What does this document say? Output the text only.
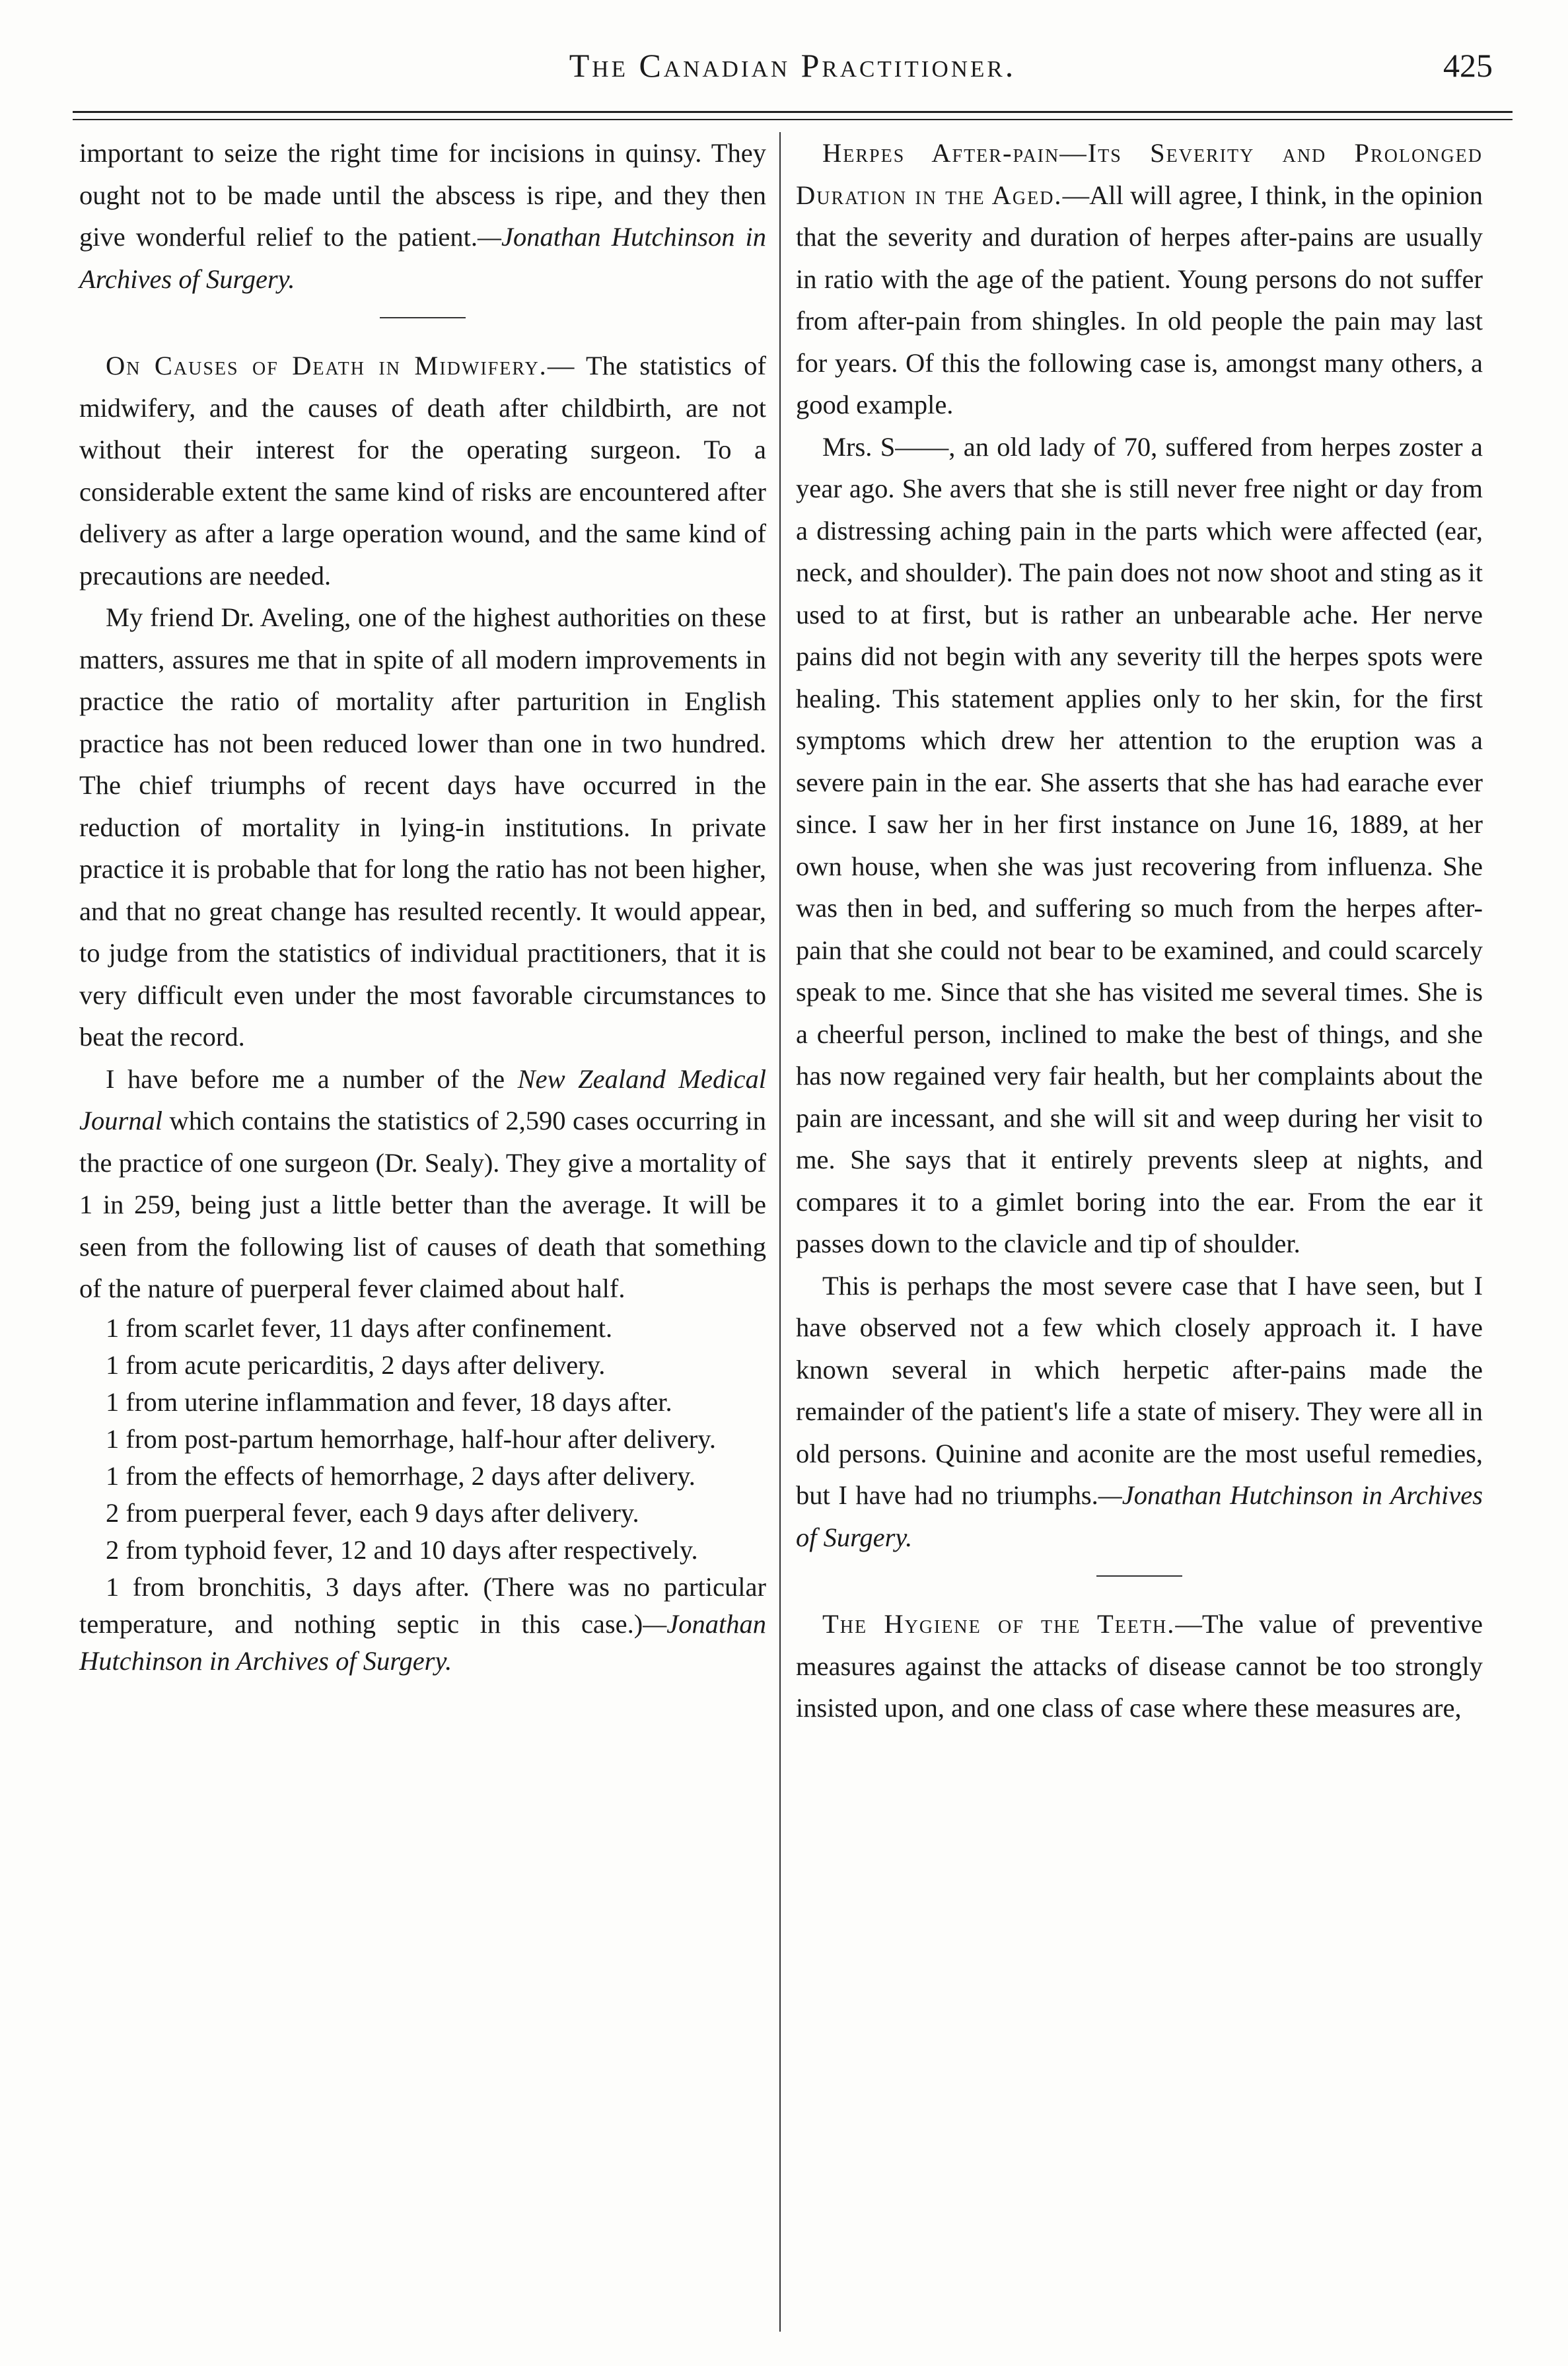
The Canadian Practitioner.	425

important to seize the right time for incisions in quinsy. They ought not to be made until the abscess is ripe, and they then give wonderful relief to the patient.—Jonathan Hutchinson in Archives of Surgery.

On Causes of Death in Midwifery.— The statistics of midwifery, and the causes of death after childbirth, are not without their interest for the operating surgeon. To a considerable extent the same kind of risks are encountered after delivery as after a large operation wound, and the same kind of precautions are needed.

My friend Dr. Aveling, one of the highest authorities on these matters, assures me that in spite of all modern improvements in practice the ratio of mortality after parturition in English practice has not been reduced lower than one in two hundred. The chief triumphs of recent days have occurred in the reduction of mortality in lying-in institutions. In private practice it is probable that for long the ratio has not been higher, and that no great change has resulted recently. It would appear, to judge from the statistics of individual practitioners, that it is very difficult even under the most favorable circumstances to beat the record.

I have before me a number of the New Zealand Medical Journal which contains the statistics of 2,590 cases occurring in the practice of one surgeon (Dr. Sealy). They give a mortality of 1 in 259, being just a little better than the average. It will be seen from the following list of causes of death that something of the nature of puerperal fever claimed about half.

1 from scarlet fever, 11 days after confinement.

1 from acute pericarditis, 2 days after delivery.

1 from uterine inflammation and fever, 18 days after.

1 from post-partum hemorrhage, half-hour after delivery.

1 from the effects of hemorrhage, 2 days after delivery.

2 from puerperal fever, each 9 days after delivery.

2 from typhoid fever, 12 and 10 days after respectively.

1 from bronchitis, 3 days after. (There was no particular temperature, and nothing septic in this case.)—Jonathan Hutchinson in Archives of Surgery.

Herpes After-pain—Its Severity and Prolonged Duration in the Aged.—All will agree, I think, in the opinion that the severity and duration of herpes after-pains are usually in ratio with the age of the patient. Young persons do not suffer from after-pain from shingles. In old people the pain may last for years. Of this the following case is, amongst many others, a good example.

Mrs. S——, an old lady of 70, suffered from herpes zoster a year ago. She avers that she is still never free night or day from a distressing aching pain in the parts which were affected (ear, neck, and shoulder). The pain does not now shoot and sting as it used to at first, but is rather an unbearable ache. Her nerve pains did not begin with any severity till the herpes spots were healing. This statement applies only to her skin, for the first symptoms which drew her attention to the eruption was a severe pain in the ear. She asserts that she has had earache ever since. I saw her in her first instance on June 16, 1889, at her own house, when she was just recovering from influenza. She was then in bed, and suffering so much from the herpes after-pain that she could not bear to be examined, and could scarcely speak to me. Since that she has visited me several times. She is a cheerful person, inclined to make the best of things, and she has now regained very fair health, but her complaints about the pain are incessant, and she will sit and weep during her visit to me. She says that it entirely prevents sleep at nights, and compares it to a gimlet boring into the ear. From the ear it passes down to the clavicle and tip of shoulder.

This is perhaps the most severe case that I have seen, but I have observed not a few which closely approach it. I have known several in which herpetic after-pains made the remainder of the patient's life a state of misery. They were all in old persons. Quinine and aconite are the most useful remedies, but I have had no triumphs.—Jonathan Hutchinson in Archives of Surgery.

The Hygiene of the Teeth.—The value of preventive measures against the attacks of disease cannot be too strongly insisted upon, and one class of case where these measures are,
